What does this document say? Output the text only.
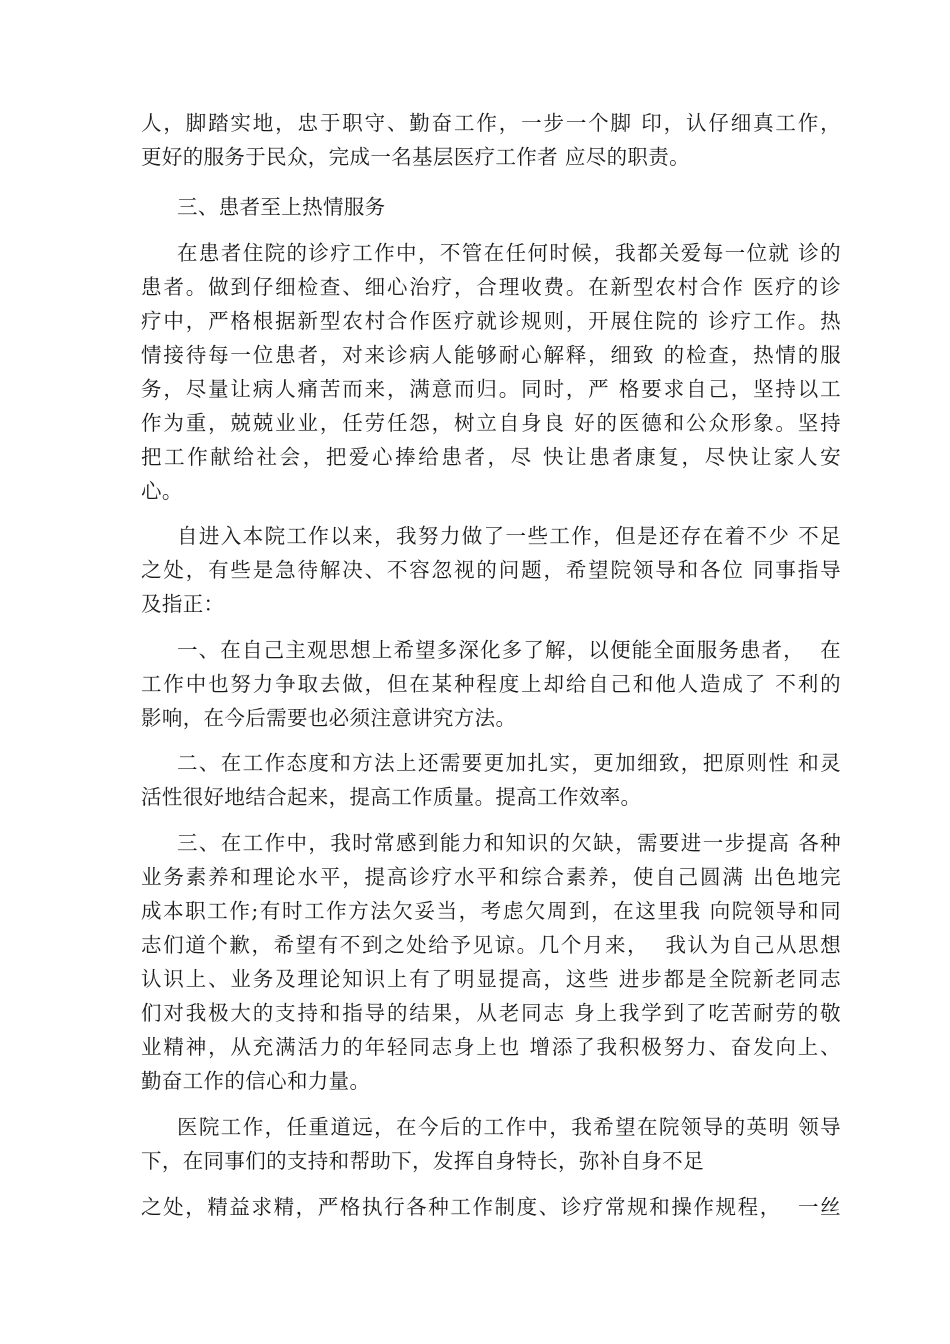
人，脚踏实地，忠于职守、勤奋工作，一步一个脚 印，认仔细真工作，
更好的服务于民众，完成一名基层医疗工作者 应尽的职责。
三、患者至上热情服务
在患者住院的诊疗工作中，不管在任何时候，我都关爱每一位就 诊的
患者。做到仔细检查、细心治疗，合理收费。在新型农村合作 医疗的诊
疗中，严格根据新型农村合作医疗就诊规则，开展住院的 诊疗工作。热
情接待每一位患者，对来诊病人能够耐心解释，细致 的检查，热情的服
务，尽量让病人痛苦而来，满意而归。同时，严 格要求自己，坚持以工
作为重，兢兢业业，任劳任怨，树立自身良 好的医德和公众形象。坚持
把工作献给社会，把爱心捧给患者，尽 快让患者康复，尽快让家人安
心。
自进入本院工作以来，我努力做了一些工作，但是还存在着不少 不足
之处，有些是急待解决、不容忽视的问题，希望院领导和各位 同事指导
及指正：
一、在自己主观思想上希望多深化多了解，以便能全面服务患者，  在
工作中也努力争取去做，但在某种程度上却给自己和他人造成了 不利的
影响，在今后需要也必须注意讲究方法。
二、在工作态度和方法上还需要更加扎实，更加细致，把原则性 和灵
活性很好地结合起来，提高工作质量。提高工作效率。
三、在工作中，我时常感到能力和知识的欠缺，需要进一步提高 各种
业务素养和理论水平，提高诊疗水平和综合素养，使自己圆满 出色地完
成本职工作;有时工作方法欠妥当，考虑欠周到，在这里我 向院领导和同
志们道个歉，希望有不到之处给予见谅。几个月来，  我认为自己从思想
认识上、业务及理论知识上有了明显提高，这些 进步都是全院新老同志
们对我极大的支持和指导的结果，从老同志 身上我学到了吃苦耐劳的敬
业精神，从充满活力的年轻同志身上也 增添了我积极努力、奋发向上、
勤奋工作的信心和力量。
医院工作，任重道远，在今后的工作中，我希望在院领导的英明 领导
下，在同事们的支持和帮助下，发挥自身特长，弥补自身不足
之处，精益求精，严格执行各种工作制度、诊疗常规和操作规程，  一丝
